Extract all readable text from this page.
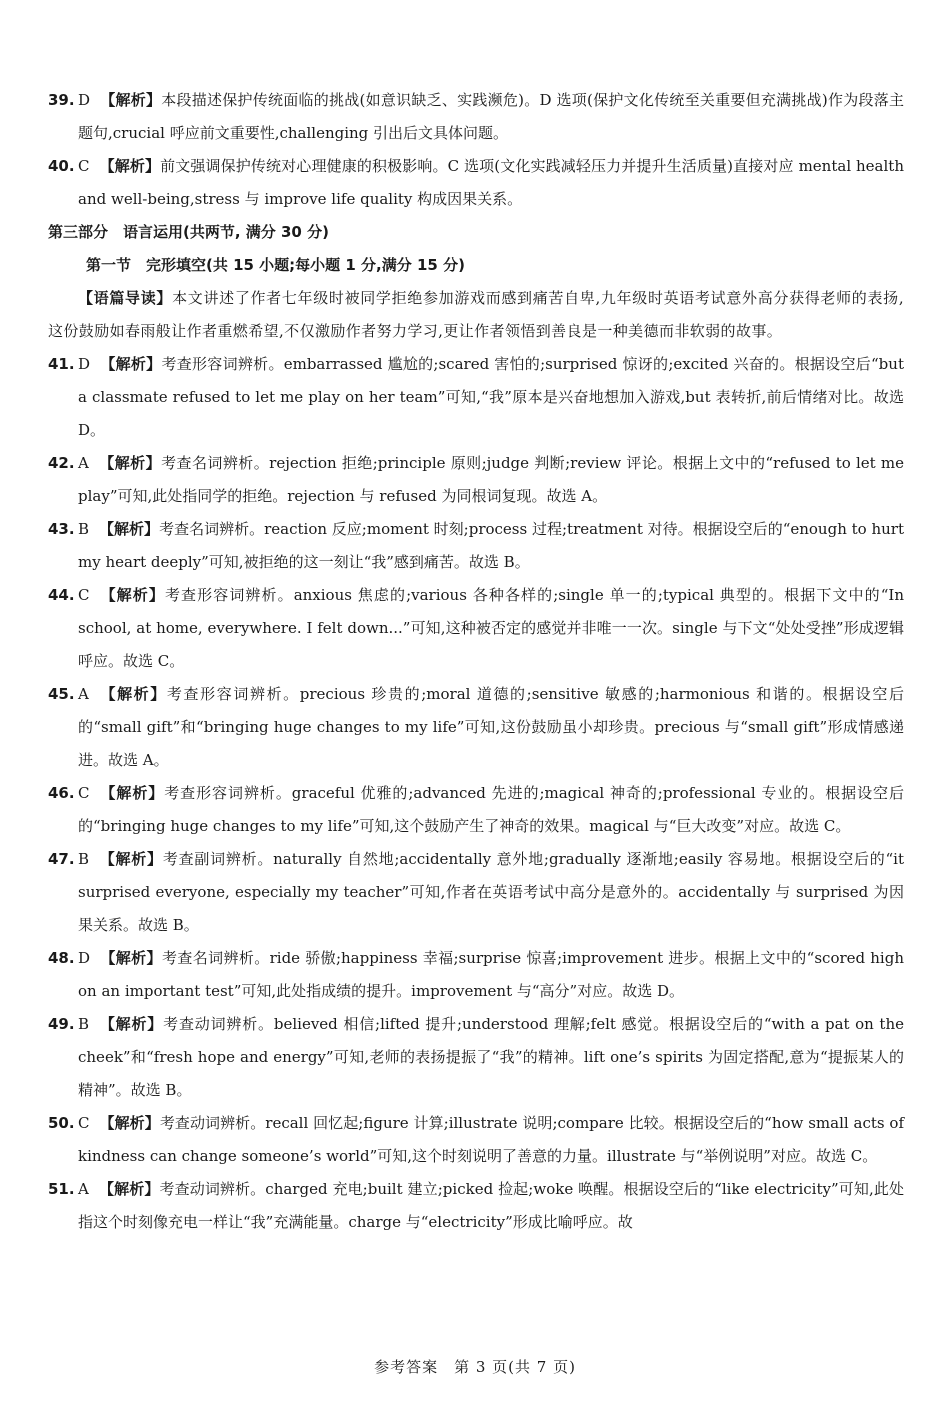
39. D 【解析】本段描述保护传统面临的挑战(如意识缺乏、实践濒危)。D 选项(保护文化传统至关重要但充满挑战)作为段落主题句,crucial 呼应前文重要性,challenging 引出后文具体问题。

40. C 【解析】前文强调保护传统对心理健康的积极影响。C 选项(文化实践减轻压力并提升生活质量)直接对应 mental health and well-being,stress 与 improve life quality 构成因果关系。

第三部分　语言运用(共两节, 满分 30 分)

第一节　完形填空(共 15 小题;每小题 1 分,满分 15 分)

【语篇导读】本文讲述了作者七年级时被同学拒绝参加游戏而感到痛苦自卑,九年级时英语考试意外高分获得老师的表扬,这份鼓励如春雨般让作者重燃希望,不仅激励作者努力学习,更让作者领悟到善良是一种美德而非软弱的故事。

41. D 【解析】考查形容词辨析。embarrassed 尴尬的;scared 害怕的;surprised 惊讶的;excited 兴奋的。根据设空后“but a classmate refused to let me play on her team”可知,“我”原本是兴奋地想加入游戏,but 表转折,前后情绪对比。故选 D。

42. A 【解析】考查名词辨析。rejection 拒绝;principle 原则;judge 判断;review 评论。根据上文中的“refused to let me play”可知,此处指同学的拒绝。rejection 与 refused 为同根词复现。故选 A。

43. B 【解析】考查名词辨析。reaction 反应;moment 时刻;process 过程;treatment 对待。根据设空后的“enough to hurt my heart deeply”可知,被拒绝的这一刻让“我”感到痛苦。故选 B。

44. C 【解析】考查形容词辨析。anxious 焦虑的;various 各种各样的;single 单一的;typical 典型的。根据下文中的“In school, at home, everywhere. I felt down...”可知,这种被否定的感觉并非唯一一次。single 与下文“处处受挫”形成逻辑呼应。故选 C。

45. A 【解析】考查形容词辨析。precious 珍贵的;moral 道德的;sensitive 敏感的;harmonious 和谐的。根据设空后的“small gift”和“bringing huge changes to my life”可知,这份鼓励虽小却珍贵。precious 与“small gift”形成情感递进。故选 A。

46. C 【解析】考查形容词辨析。graceful 优雅的;advanced 先进的;magical 神奇的;professional 专业的。根据设空后的“bringing huge changes to my life”可知,这个鼓励产生了神奇的效果。magical 与“巨大改变”对应。故选 C。

47. B 【解析】考查副词辨析。naturally 自然地;accidentally 意外地;gradually 逐渐地;easily 容易地。根据设空后的“it surprised everyone, especially my teacher”可知,作者在英语考试中高分是意外的。accidentally 与 surprised 为因果关系。故选 B。

48. D 【解析】考查名词辨析。ride 骄傲;happiness 幸福;surprise 惊喜;improvement 进步。根据上文中的“scored high on an important test”可知,此处指成绩的提升。improvement 与“高分”对应。故选 D。

49. B 【解析】考查动词辨析。believed 相信;lifted 提升;understood 理解;felt 感觉。根据设空后的“with a pat on the cheek”和“fresh hope and energy”可知,老师的表扬提振了“我”的精神。lift one’s spirits 为固定搭配,意为“提振某人的精神”。故选 B。

50. C 【解析】考查动词辨析。recall 回忆起;figure 计算;illustrate 说明;compare 比较。根据设空后的“how small acts of kindness can change someone’s world”可知,这个时刻说明了善意的力量。illustrate 与“举例说明”对应。故选 C。

51. A 【解析】考查动词辨析。charged 充电;built 建立;picked 捡起;woke 唤醒。根据设空后的“like electricity”可知,此处指这个时刻像充电一样让“我”充满能量。charge 与“electricity”形成比喻呼应。故

参考答案　第 3 页(共 7 页)
